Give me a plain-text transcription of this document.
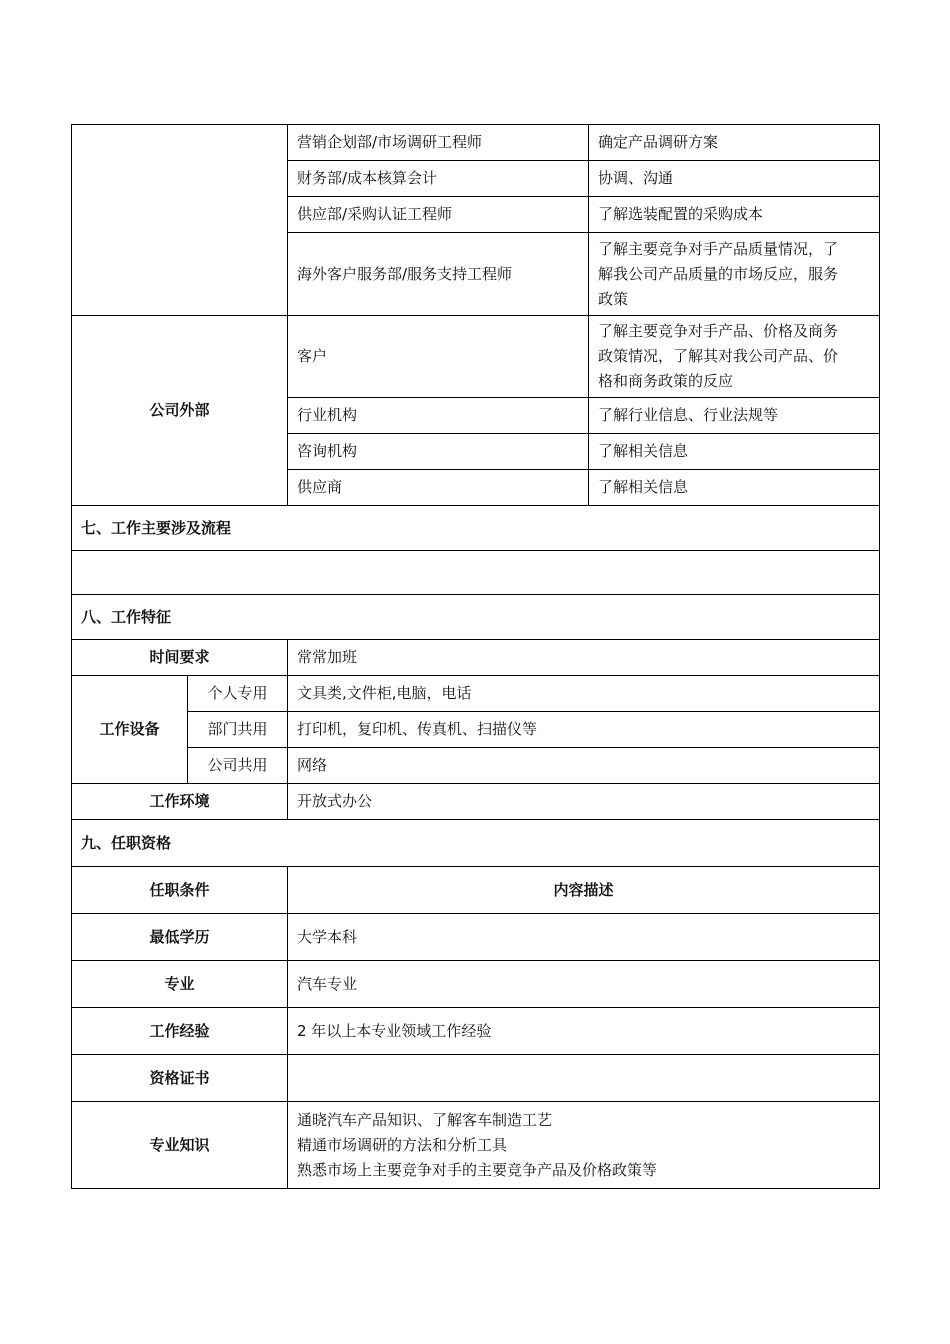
		营销企划部/市场调研工程师	确定产品调研方案
		财务部/成本核算会计	协调、沟通
		供应部/采购认证工程师	了解选装配置的采购成本
		海外客户服务部/服务支持工程师	了解主要竞争对手产品质量情况，了
解我公司产品质量的市场反应，服务
政策

公司外部		客户	了解主要竞争对手产品、价格及商务
政策情况，了解其对我公司产品、价
格和商务政策的反应

		行业机构	了解行业信息、行业法规等
		咨询机构	了解相关信息
		供应商	了解相关信息
七、工作主要涉及流程			

八、工作特征			
时间要求		常常加班	
工作设备	个人专用	文具类,文件柜,电脑，电话	
	部门共用	打印机，复印机、传真机、扫描仪等	
	公司共用	网络	
工作环境		开放式办公	
九、任职资格			
任职条件		内容描述	
最低学历		大学本科	
专业		汽车专业	
工作经验		2 年以上本专业领域工作经验	
资格证书			
专业知识		通晓汽车产品知识、了解客车制造工艺
精通市场调研的方法和分析工具
熟悉市场上主要竞争对手的主要竞争产品及价格政策等	
